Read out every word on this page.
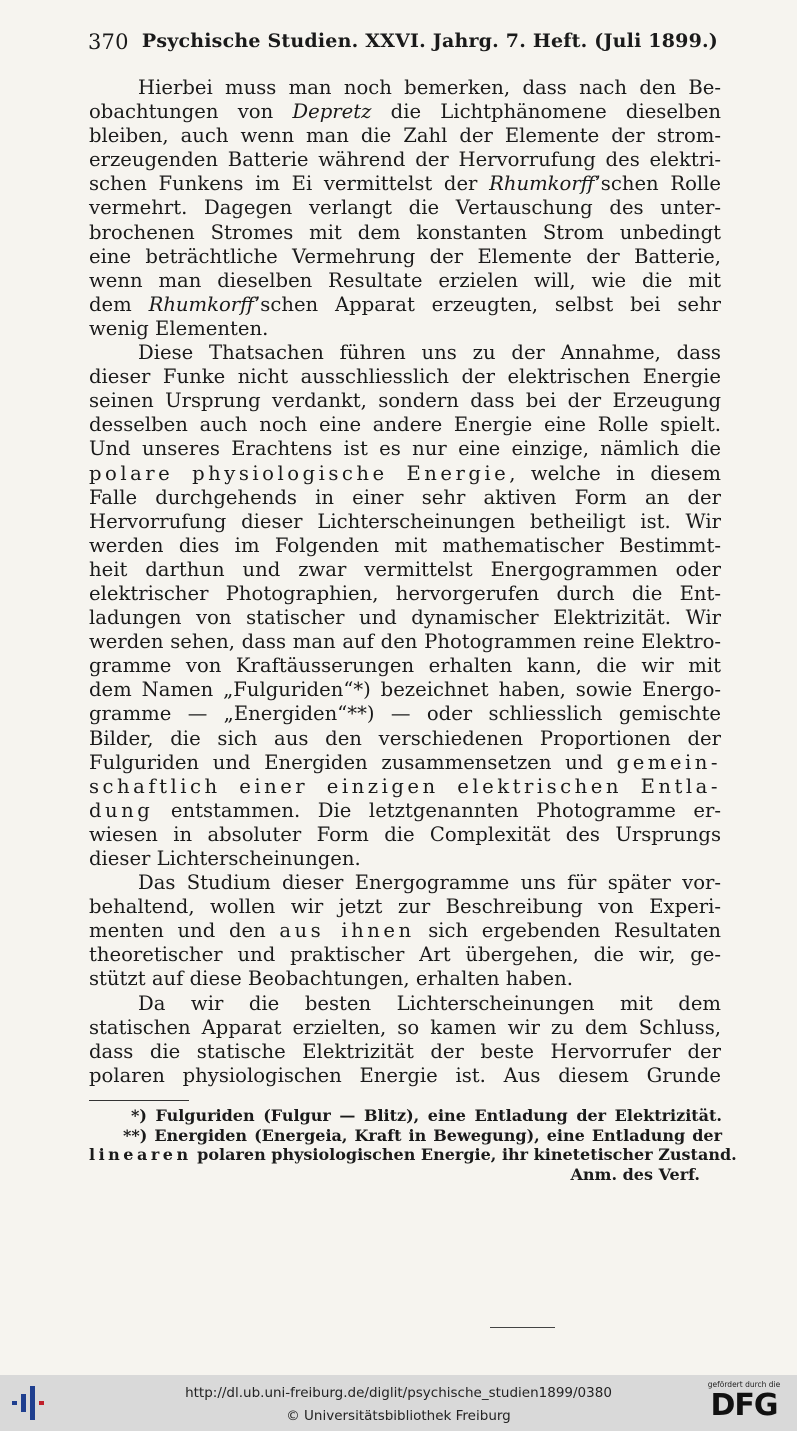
370 Psychische Studien. XXVI. Jahrg. 7. Heft. (Juli 1899.)
Hierbei muss man noch bemerken, dass nach den Be-
obachtungen von Depretz die Lichtphänomene dieselben
bleiben, auch wenn man die Zahl der Elemente der strom-
erzeugenden Batterie während der Hervorrufung des elektri-
schen Funkens im Ei vermittelst der Rhumkorff’schen Rolle
vermehrt. Dagegen verlangt die Vertauschung des unter-
brochenen Stromes mit dem konstanten Strom unbedingt
eine beträchtliche Vermehrung der Elemente der Batterie,
wenn man dieselben Resultate erzielen will, wie die mit
dem Rhumkorff’schen Apparat erzeugten, selbst bei sehr
wenig Elementen.
Diese Thatsachen führen uns zu der Annahme, dass
dieser Funke nicht ausschliesslich der elektrischen Energie
seinen Ursprung verdankt, sondern dass bei der Erzeugung
desselben auch noch eine andere Energie eine Rolle spielt.
Und unseres Erachtens ist es nur eine einzige, nämlich die
polare physiologische Energie, welche in diesem
Falle durchgehends in einer sehr aktiven Form an der
Hervorrufung dieser Lichterscheinungen betheiligt ist. Wir
werden dies im Folgenden mit mathematischer Bestimmt-
heit darthun und zwar vermittelst Energogrammen oder
elektrischer Photographien, hervorgerufen durch die Ent-
ladungen von statischer und dynamischer Elektrizität. Wir
werden sehen, dass man auf den Photogrammen reine Elektro-
gramme von Kraftäusserungen erhalten kann, die wir mit
dem Namen „Fulguriden“*) bezeichnet haben, sowie Energo-
gramme — „Energiden“**) — oder schliesslich gemischte
Bilder, die sich aus den verschiedenen Proportionen der
Fulguriden und Energiden zusammensetzen und gemein-
schaftlich einer einzigen elektrischen Entla-
dung entstammen. Die letztgenannten Photogramme er-
wiesen in absoluter Form die Complexität des Ursprungs
dieser Lichterscheinungen.
Das Studium dieser Energogramme uns für später vor-
behaltend, wollen wir jetzt zur Beschreibung von Experi-
menten und den aus ihnen sich ergebenden Resultaten
theoretischer und praktischer Art übergehen, die wir, ge-
stützt auf diese Beobachtungen, erhalten haben.
Da wir die besten Lichterscheinungen mit dem
statischen Apparat erzielten, so kamen wir zu dem Schluss,
dass die statische Elektrizität der beste Hervorrufer der
polaren physiologischen Energie ist. Aus diesem Grunde
*) Fulguriden (Fulgur — Blitz), eine Entladung der Elektrizität.
**) Energiden (Energeia, Kraft in Bewegung), eine Entladung der
linearen polaren physiologischen Energie, ihr kinetetischer Zustand.
Anm. des Verf.
http://dl.ub.uni-freiburg.de/diglit/psychische_studien1899/0380
© Universitätsbibliothek Freiburg
gefördert durch die
DFG
